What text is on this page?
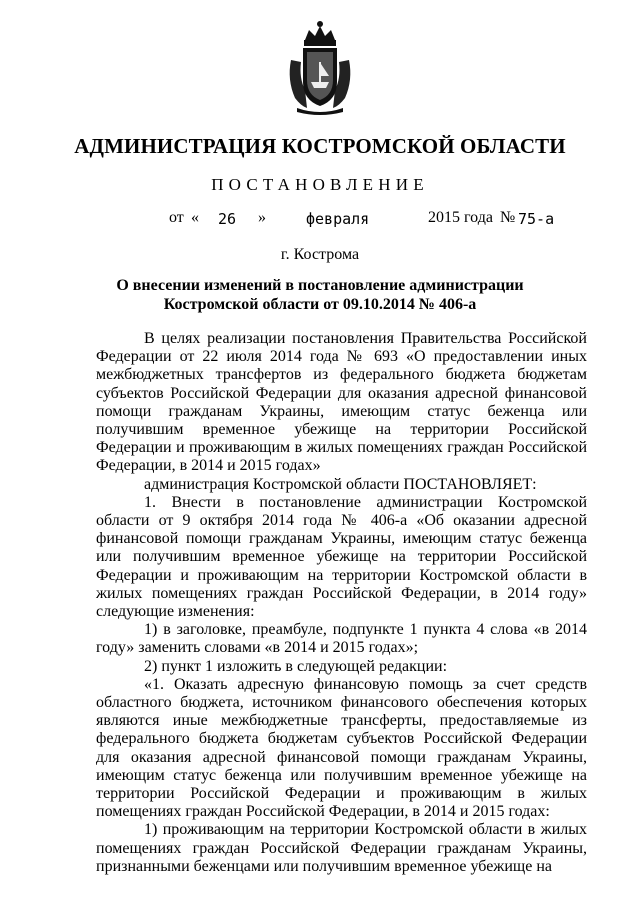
АДМИНИСТРАЦИЯ КОСТРОМСКОЙ ОБЛАСТИ
ПОСТАНОВЛЕНИЕ
от « 26 »	февраля	2015 года № 75-а
г. Кострома
О внесении изменений в постановление администрации
Костромской области от 09.10.2014 № 406-а

В целях реализации постановления Правительства Российской Федерации от 22 июля 2014 года № 693 «О предоставлении иных межбюджетных трансфертов из федерального бюджета бюджетам субъектов Российской Федерации для оказания адресной финансовой помощи гражданам Украины, имеющим статус беженца или получившим временное убежище на территории Российской Федерации и проживающим в жилых помещениях граждан Российской Федерации, в 2014 и 2015 годах»

администрация Костромской области ПОСТАНОВЛЯЕТ:

1. Внести в постановление администрации Костромской области от 9 октября 2014 года № 406-а «Об оказании адресной финансовой помощи гражданам Украины, имеющим статус беженца или получившим временное убежище на территории Российской Федерации и проживающим на территории Костромской области в жилых помещениях граждан Российской Федерации, в 2014 году» следующие изменения:

1) в заголовке, преамбуле, подпункте 1 пункта 4 слова «в 2014 году» заменить словами «в 2014 и 2015 годах»;

2) пункт 1 изложить в следующей редакции:

«1. Оказать адресную финансовую помощь за счет средств областного бюджета, источником финансового обеспечения которых являются иные межбюджетные трансферты, предоставляемые из федерального бюджета бюджетам субъектов Российской Федерации для оказания адресной финансовой помощи гражданам Украины, имеющим статус беженца или получившим временное убежище на территории Российской Федерации и проживающим в жилых помещениях граждан Российской Федерации, в 2014 и 2015 годах:

1) проживающим на территории Костромской области в жилых помещениях граждан Российской Федерации гражданам Украины, признанными беженцами или получившим временное убежище на
